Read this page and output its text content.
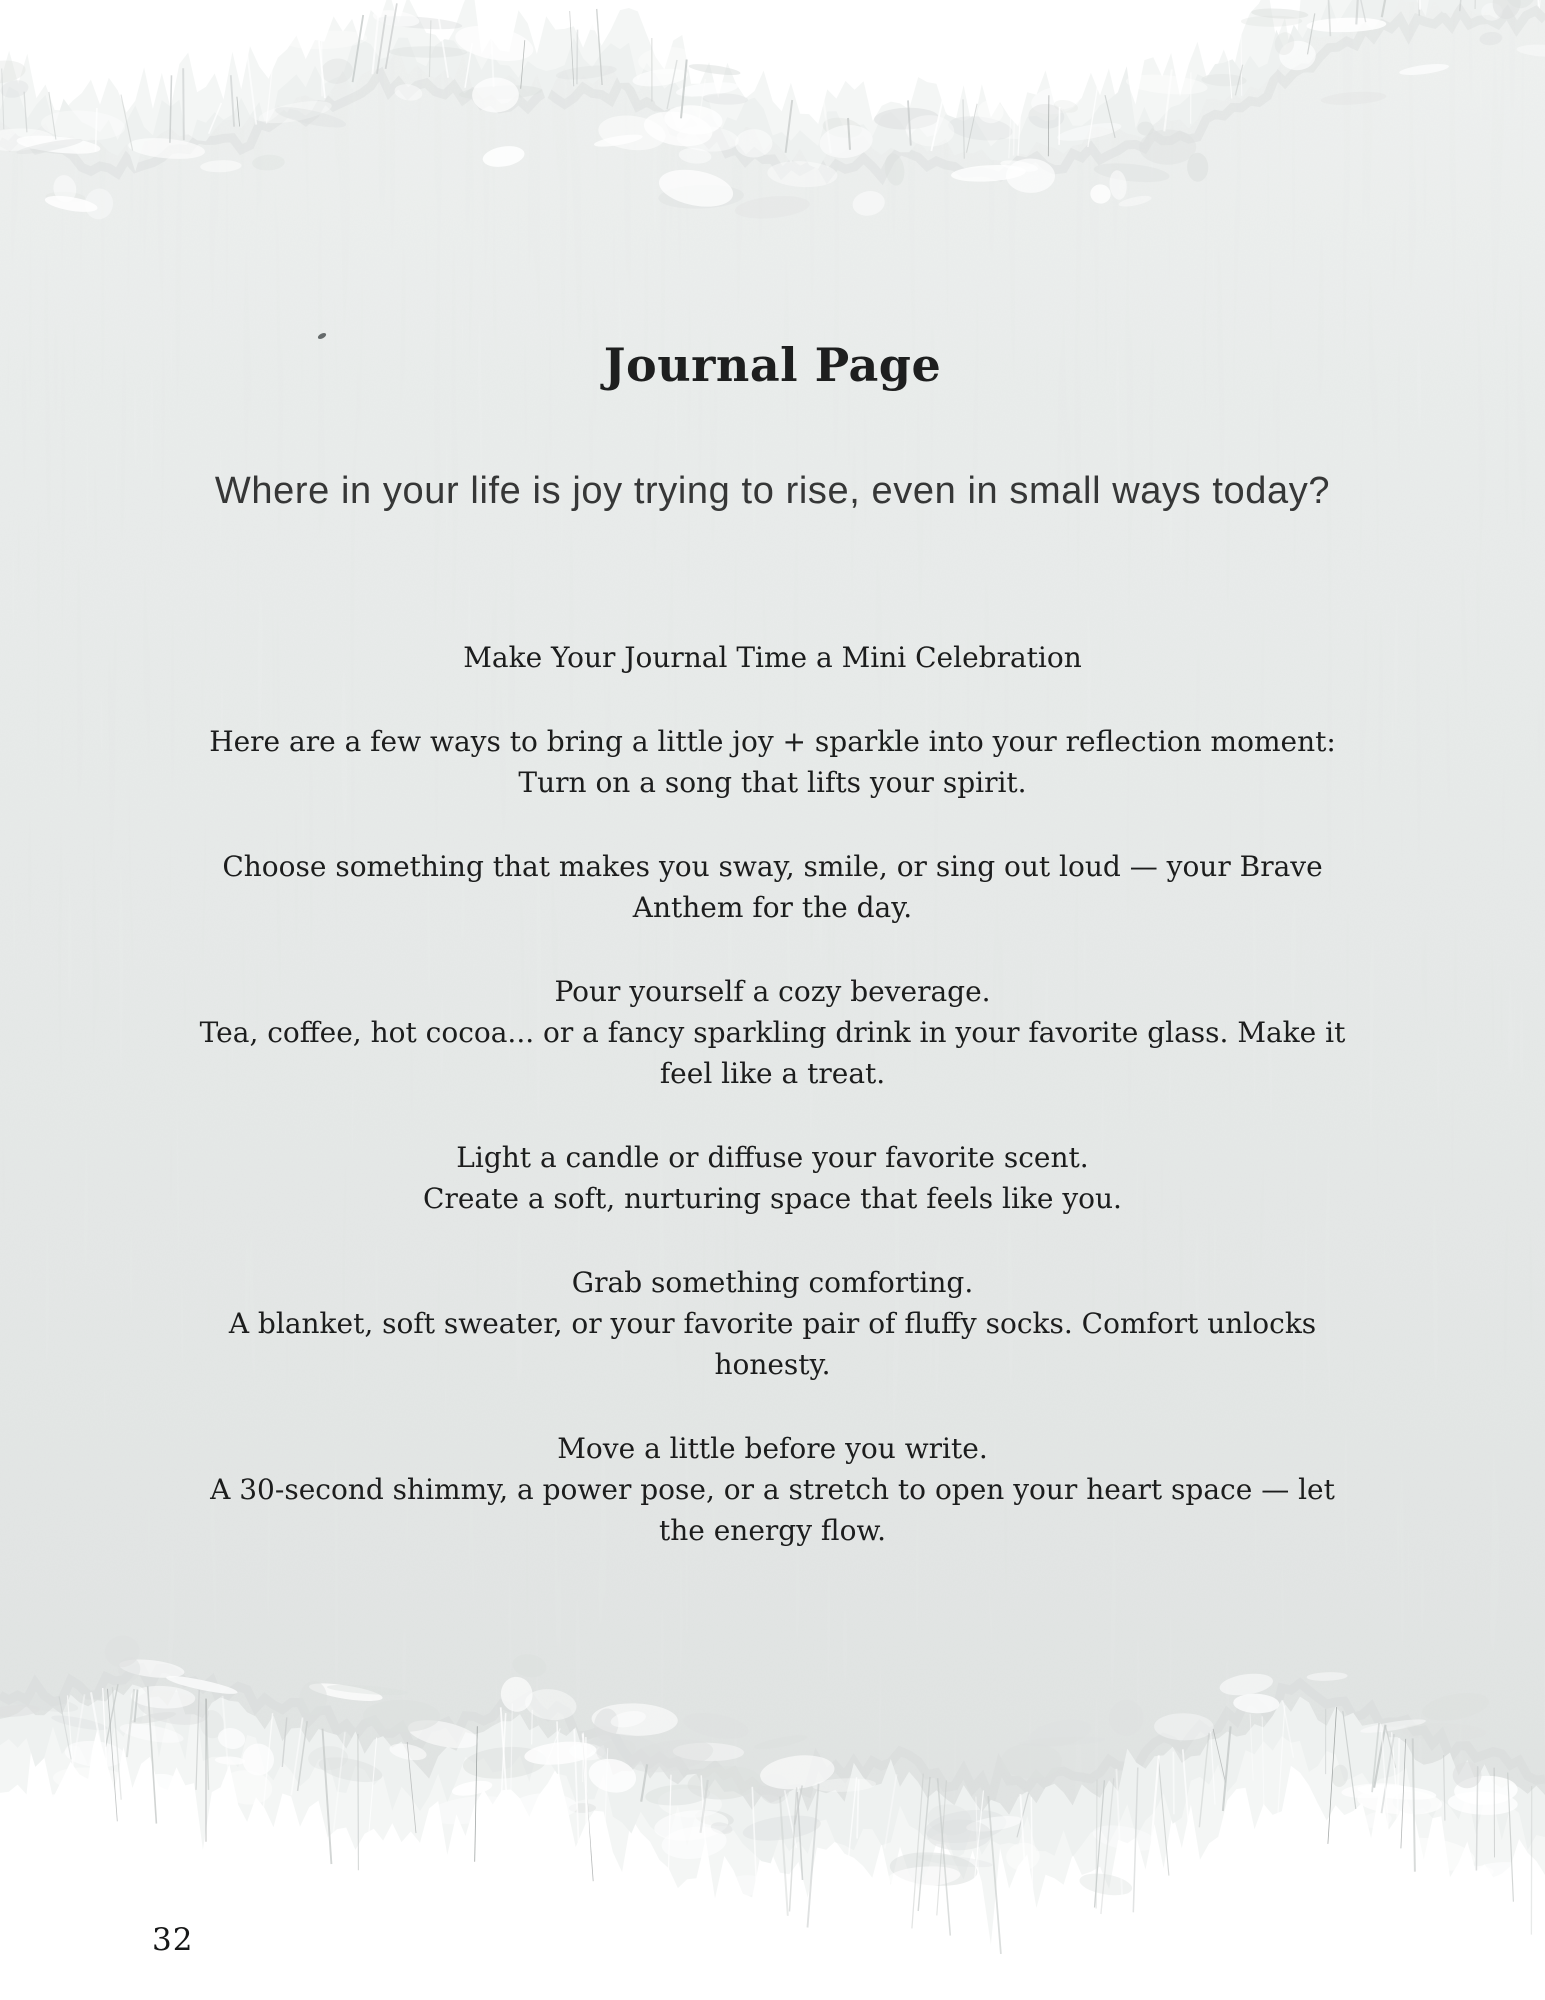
Journal Page
Where in your life is joy trying to rise, even in small ways today?
Make Your Journal Time a Mini Celebration
Here are a few ways to bring a little joy + sparkle into your reflection moment:
Turn on a song that lifts your spirit.
Choose something that makes you sway, smile, or sing out loud — your Brave
Anthem for the day.
Pour yourself a cozy beverage.
Tea, coffee, hot cocoa... or a fancy sparkling drink in your favorite glass. Make it
feel like a treat.
Light a candle or diffuse your favorite scent.
Create a soft, nurturing space that feels like you.
Grab something comforting.
A blanket, soft sweater, or your favorite pair of fluffy socks. Comfort unlocks
honesty.
Move a little before you write.
A 30-second shimmy, a power pose, or a stretch to open your heart space — let
the energy flow.
32
